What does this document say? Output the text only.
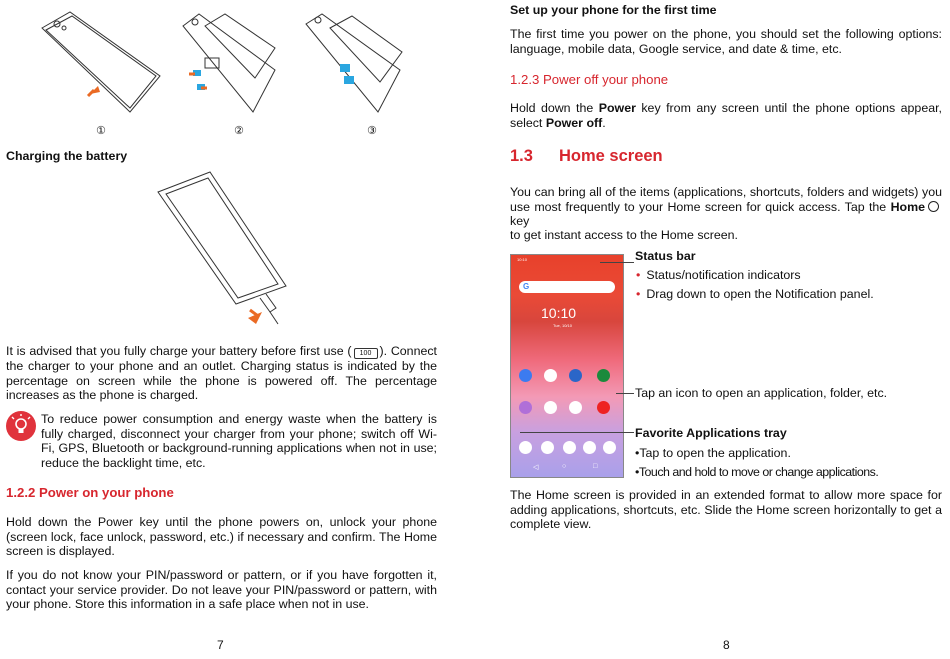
①	②	③

Charging the battery

It is advised that you fully charge your battery before first use ( 100 ). Connect the charger to your phone and an outlet. Charging status is indicated by the percentage on screen while the phone is powered off. The percentage increases as the phone is charged.

To reduce power consumption and energy waste when the battery is fully charged, disconnect your charger from your phone; switch off Wi-Fi, GPS, Bluetooth or background-running applications when not in use; reduce the backlight time, etc.

1.2.2 Power on your phone

Hold down the Power key until the phone powers on, unlock your phone (screen lock, face unlock, password, etc.) if necessary and confirm. The Home screen is displayed.

If you do not know your PIN/password or pattern, or if you have forgotten it, contact your service provider. Do not leave your PIN/password or pattern, with your phone. Store this information in a safe place when not in use.

7

Set up your phone for the first time

The first time you power on the phone, you should set the following options: language, mobile data, Google service, and date & time, etc.

1.2.3 Power off your phone

Hold down the Power key from any screen until the phone options appear, select Power off.

1.3 Home screen

You can bring all of the items (applications, shortcuts, folders and widgets) you use most frequently to your Home screen for quick access. Tap the Home key

to get instant access to the Home screen.

10:10
G
10:10
Tue, 10/10
◁	○	□

Status bar

• Status/notification indicators
• Drag down to open the Notification panel.

Tap an icon to open an application, folder, etc.

Favorite Applications tray

•Tap to open the application.

•Touch and hold to move or change applications.

The Home screen is provided in an extended format to allow more space for adding applications, shortcuts, etc. Slide the Home screen horizontally to get a complete view.

8
